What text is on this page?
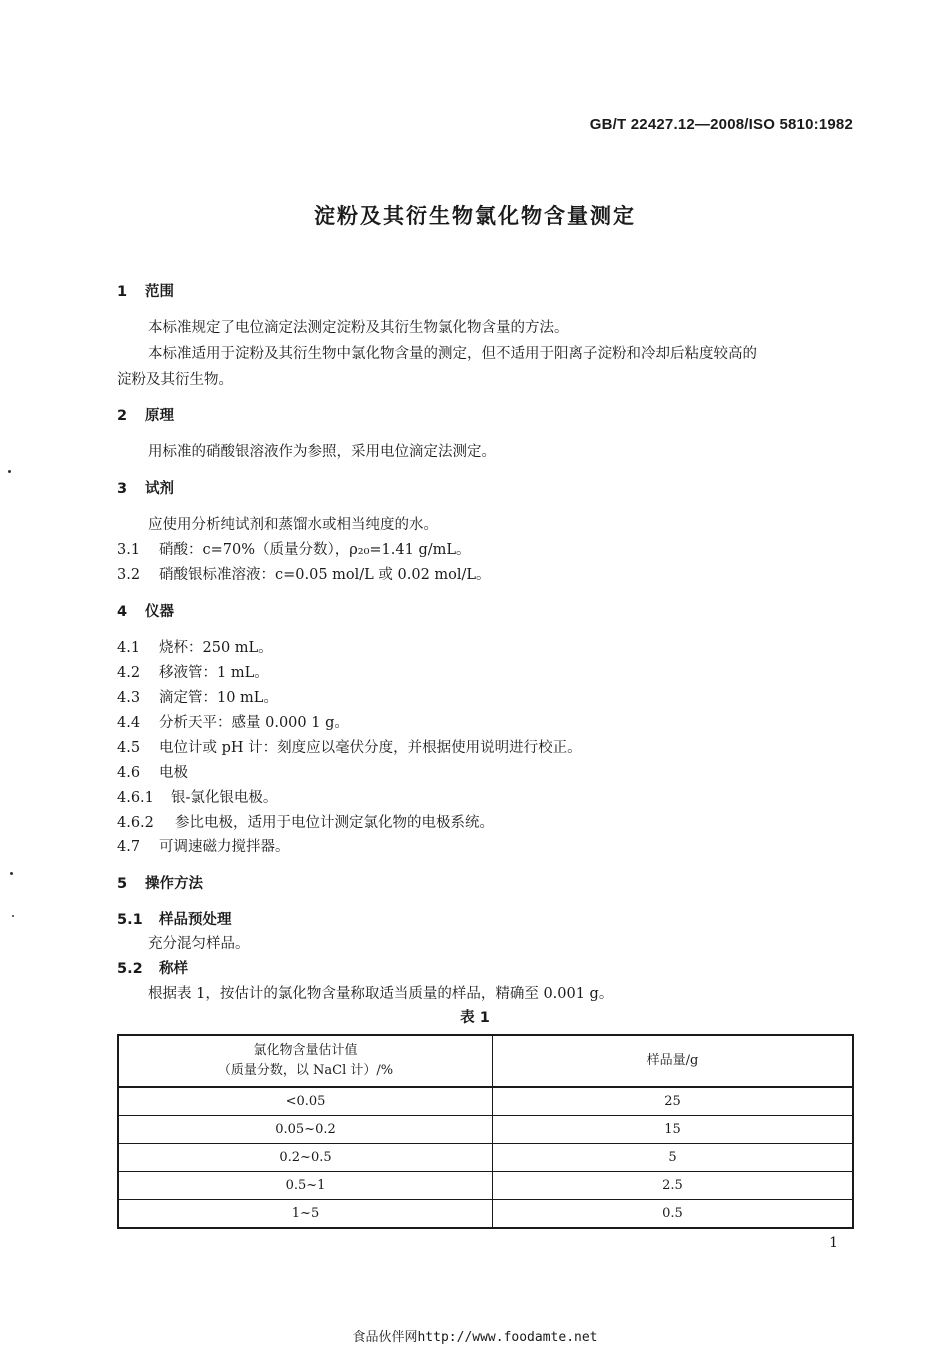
GB/T 22427.12—2008/ISO 5810:1982
淀粉及其衍生物氯化物含量测定
1 范围
本标准规定了电位滴定法测定淀粉及其衍生物氯化物含量的方法。
本标准适用于淀粉及其衍生物中氯化物含量的测定，但不适用于阳离子淀粉和冷却后粘度较高的
淀粉及其衍生物。
2 原理
用标准的硝酸银溶液作为参照，采用电位滴定法测定。
3 试剂
应使用分析纯试剂和蒸馏水或相当纯度的水。
3.1 硝酸：c=70%（质量分数），ρ₂₀=1.41 g/mL。
3.2 硝酸银标准溶液：c=0.05 mol/L 或 0.02 mol/L。
4 仪器
4.1 烧杯：250 mL。
4.2 移液管：1 mL。
4.3 滴定管：10 mL。
4.4 分析天平：感量 0.000 1 g。
4.5 电位计或 pH 计：刻度应以毫伏分度，并根据使用说明进行校正。
4.6 电极
4.6.1 银-氯化银电极。
4.6.2 参比电极，适用于电位计测定氯化物的电极系统。
4.7 可调速磁力搅拌器。
5 操作方法
5.1 样品预处理
充分混匀样品。
5.2 称样
根据表 1，按估计的氯化物含量称取适当质量的样品，精确至 0.001 g。
表 1
氯化物含量估计值
（质量分数，以 NaCl 计）/%	样品量/g
<0.05	25
0.05~0.2	15
0.2~0.5	5
0.5~1	2.5
1~5	0.5
1
食品伙伴网http://www.foodamte.net
